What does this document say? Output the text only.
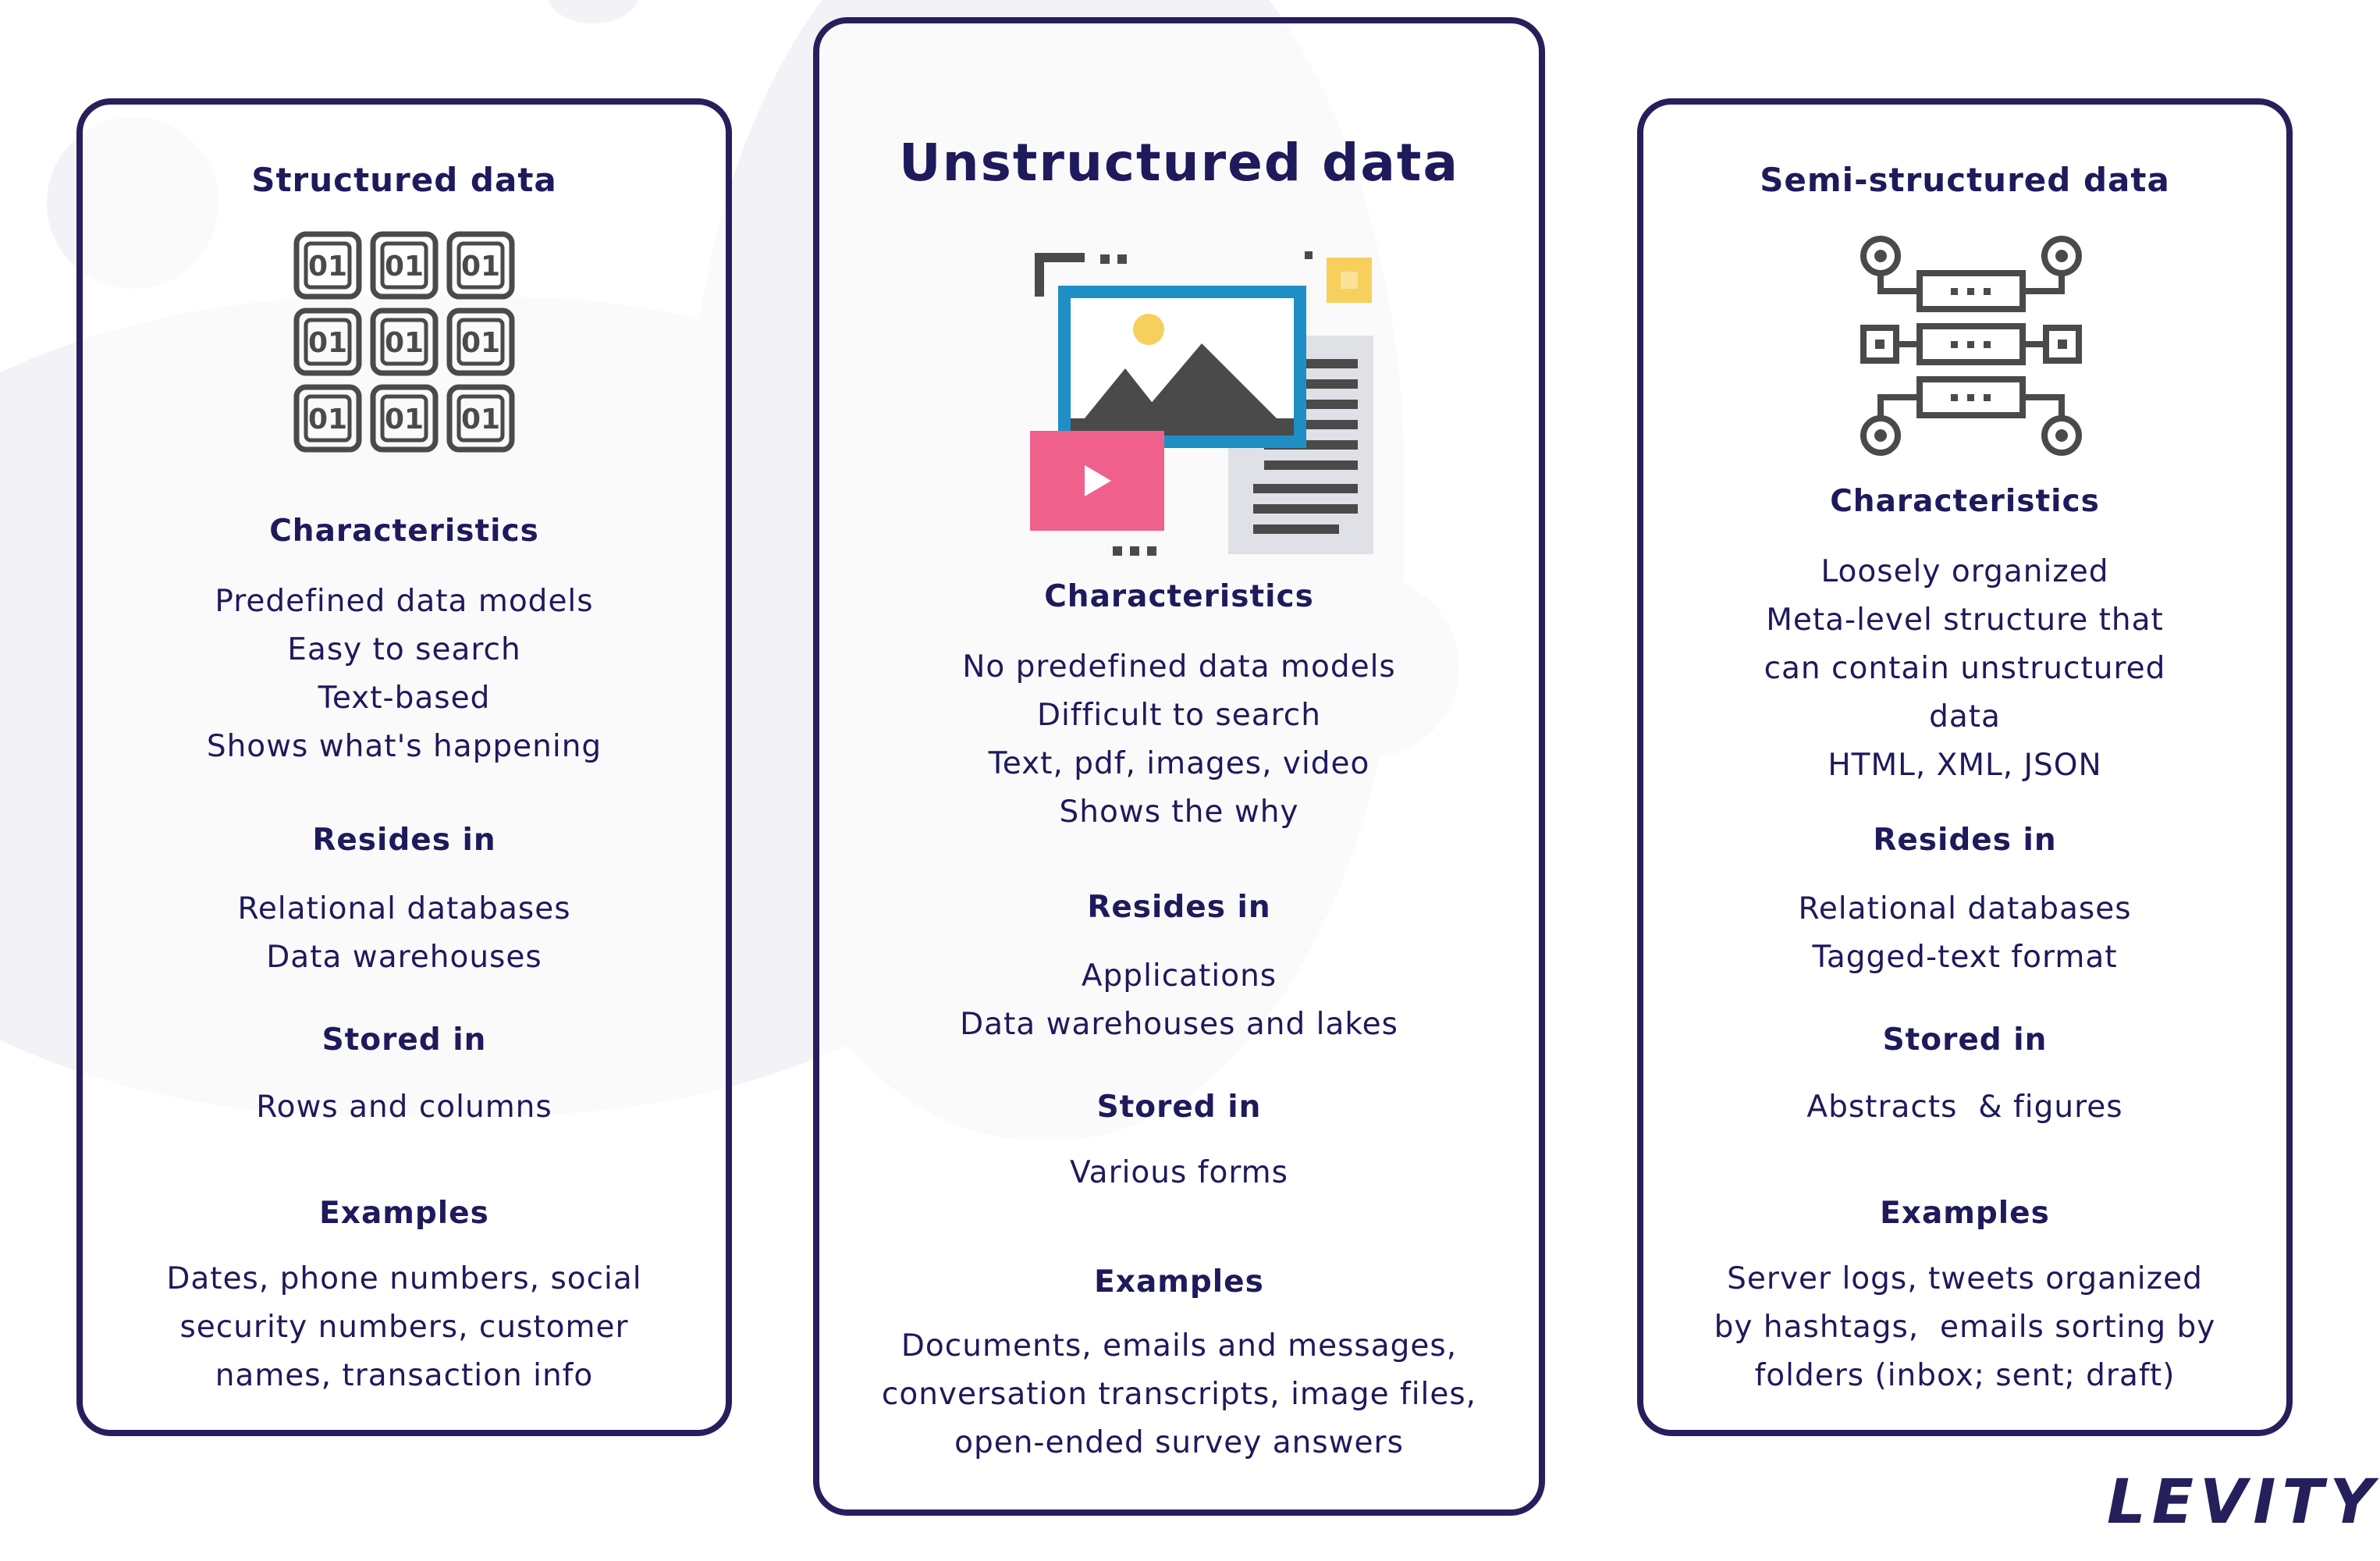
Structured data
01 01 01
01 01 01
01 01 01
Characteristics
Predefined data models
Easy to search
Text-based
Shows what's happening
Resides in
Relational databases
Data warehouses
Stored in
Rows and columns
Examples
Dates, phone numbers, social
security numbers, customer
names, transaction info
Unstructured data
Characteristics
No predefined data models
Difficult to search
Text, pdf, images, video
Shows the why
Resides in
Applications
Data warehouses and lakes
Stored in
Various forms
Examples
Documents, emails and messages,
conversation transcripts, image files,
open-ended survey answers
Semi-structured data
Characteristics
Loosely organized
Meta-level structure that
can contain unstructured
data
HTML, XML, JSON
Resides in
Relational databases
Tagged-text format
Stored in
Abstracts  & figures
Examples
Server logs, tweets organized
by hashtags,  emails sorting by
folders (inbox; sent; draft)
LEVITY
